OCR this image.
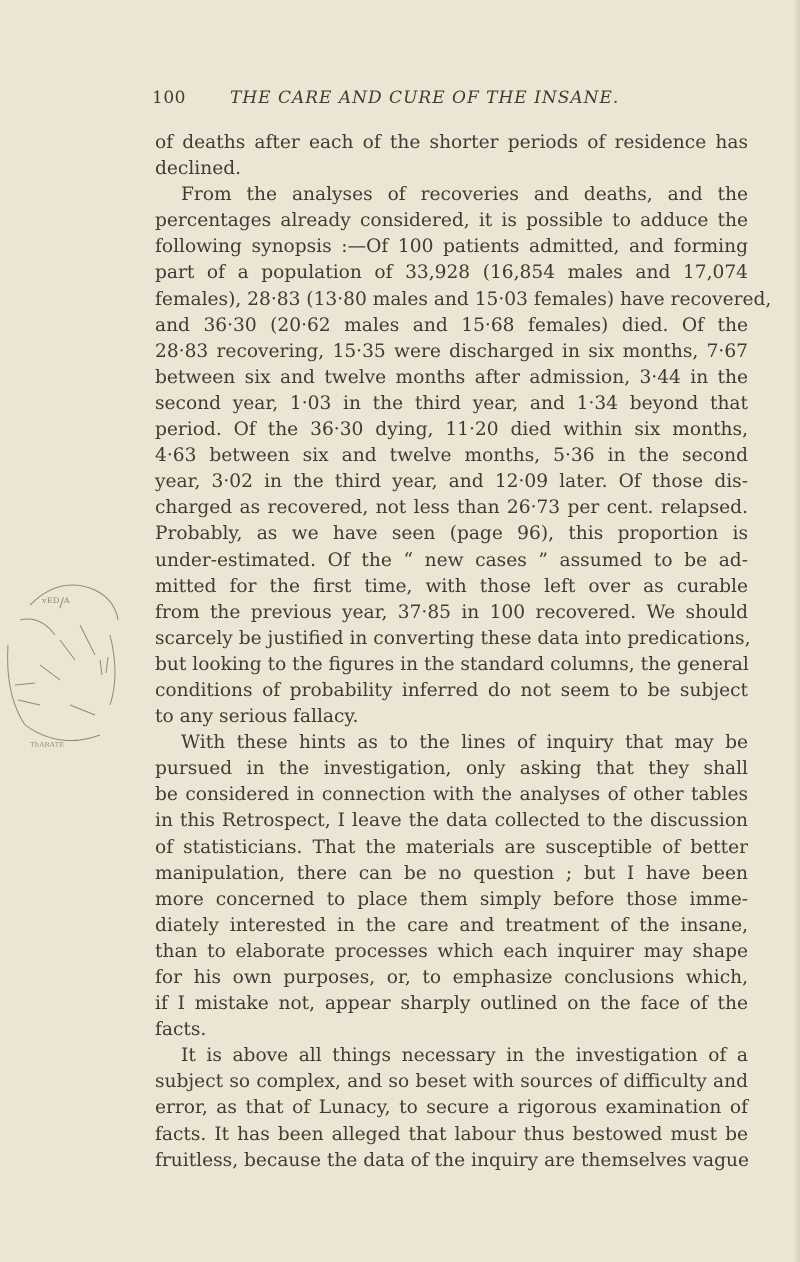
100	THE CARE AND CURE OF THE INSANE.
ᵛᴱᴰ/ᴬ
ᵀʰᴬᴿᴬᵀᴱ

of deaths after each of the shorter periods of residence has
declined.

From the analyses of recoveries and deaths, and the
percentages already considered, it is possible to adduce the
following synopsis :—Of 100 patients admitted, and forming
part of a population of 33,928 (16,854 males and 17,074
females), 28·83 (13·80 males and 15·03 females) have recovered,
and 36·30 (20·62 males and 15·68 females) died. Of the
28·83 recovering, 15·35 were discharged in six months, 7·67
between six and twelve months after admission, 3·44 in the
second year, 1·03 in the third year, and 1·34 beyond that
period. Of the 36·30 dying, 11·20 died within six months,
4·63 between six and twelve months, 5·36 in the second
year, 3·02 in the third year, and 12·09 later. Of those dis-
charged as recovered, not less than 26·73 per cent. relapsed.
Probably, as we have seen (page 96), this proportion is
under-estimated. Of the “ new cases ” assumed to be ad-
mitted for the first time, with those left over as curable
from the previous year, 37·85 in 100 recovered. We should
scarcely be justified in converting these data into predications,
but looking to the figures in the standard columns, the general
conditions of probability inferred do not seem to be subject
to any serious fallacy.

With these hints as to the lines of inquiry that may be
pursued in the investigation, only asking that they shall
be considered in connection with the analyses of other tables
in this Retrospect, I leave the data collected to the discussion
of statisticians. That the materials are susceptible of better
manipulation, there can be no question ; but I have been
more concerned to place them simply before those imme-
diately interested in the care and treatment of the insane,
than to elaborate processes which each inquirer may shape
for his own purposes, or, to emphasize conclusions which,
if I mistake not, appear sharply outlined on the face of the
facts.

It is above all things necessary in the investigation of a
subject so complex, and so beset with sources of difficulty and
error, as that of Lunacy, to secure a rigorous examination of
facts. It has been alleged that labour thus bestowed must be
fruitless, because the data of the inquiry are themselves vague
